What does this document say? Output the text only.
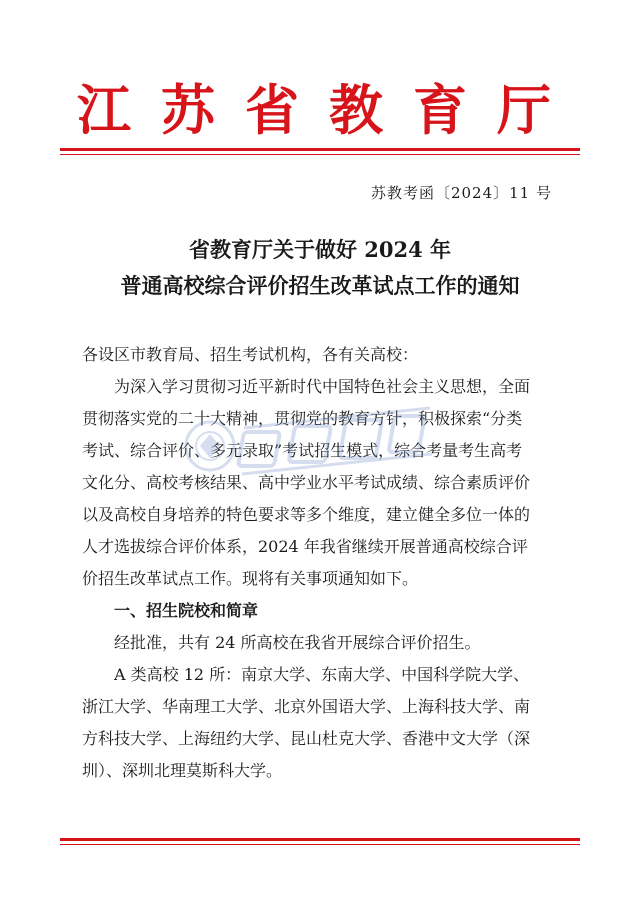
江苏省教育厅
苏教考函〔2024〕11 号
省教育厅关于做好 2024 年
普通高校综合评价招生改革试点工作的通知
各设区市教育局、招生考试机构，各有关高校：
为深入学习贯彻习近平新时代中国特色社会主义思想，全面
贯彻落实党的二十大精神，贯彻党的教育方针，积极探索“分类
考试、综合评价、多元录取”考试招生模式，综合考量考生高考
文化分、高校考核结果、高中学业水平考试成绩、综合素质评价
以及高校自身培养的特色要求等多个维度，建立健全多位一体的
人才选拔综合评价体系，2024 年我省继续开展普通高校综合评
价招生改革试点工作。现将有关事项通知如下。
一、招生院校和简章
经批准，共有 24 所高校在我省开展综合评价招生。
A 类高校 12 所：南京大学、东南大学、中国科学院大学、
浙江大学、华南理工大学、北京外国语大学、上海科技大学、南
方科技大学、上海纽约大学、昆山杜克大学、香港中文大学（深
圳）、深圳北理莫斯科大学。
